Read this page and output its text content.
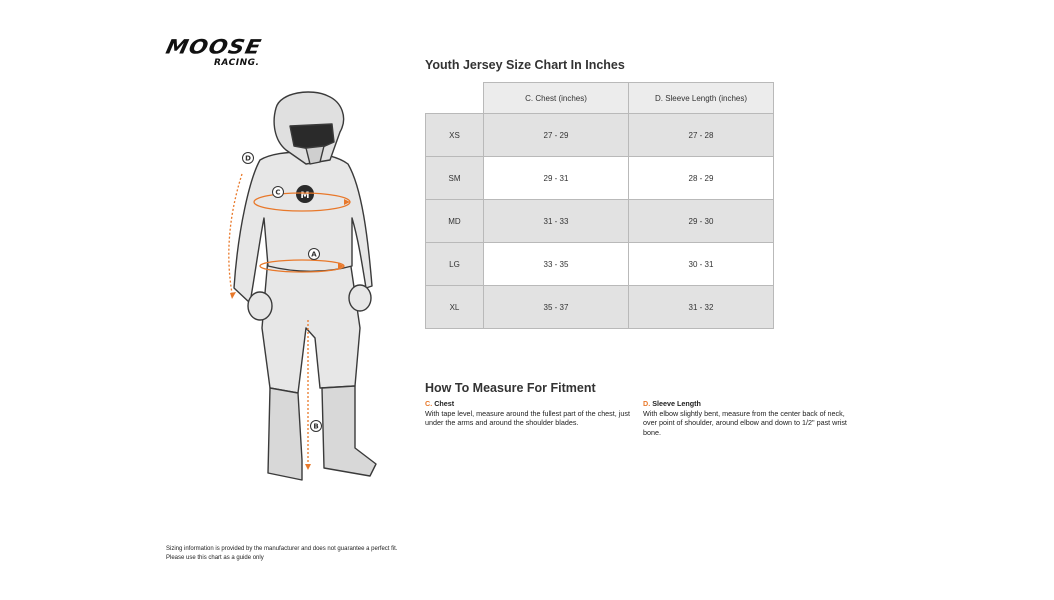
MOOSE
RACING.
M
D
C
A
B
Youth Jersey Size Chart In Inches
	C. Chest (inches)	D. Sleeve Length (inches)
XS	27 - 29	27 - 28
SM	29 - 31	28 - 29
MD	31 - 33	29 - 30
LG	33 - 35	30 - 31
XL	35 - 37	31 - 32
How To Measure For Fitment
C. Chest
With tape level, measure around the fullest part of the chest, just under the arms and around the shoulder blades.
D. Sleeve Length
With elbow slightly bent, measure from the center back of neck, over point of shoulder, around elbow and down to 1/2" past wrist bone.
Sizing information is provided by the manufacturer and does not guarantee a perfect fit.
Please use this chart as a guide only
